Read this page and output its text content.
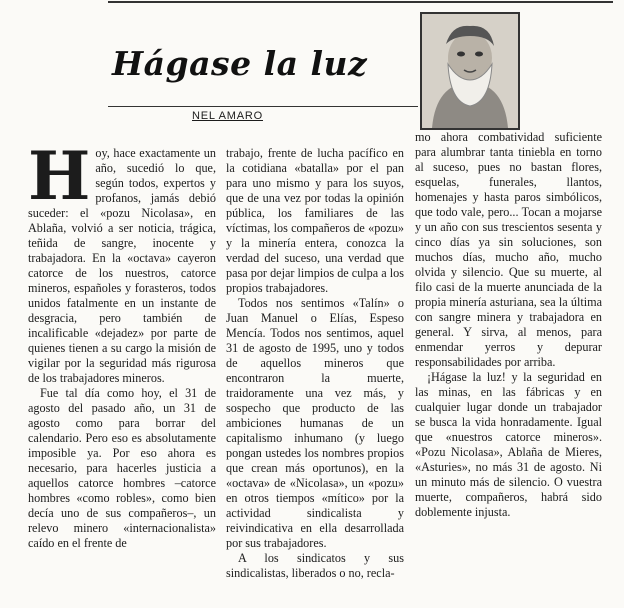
Hágase la luz
NEL AMARO

Hoy, hace exactamente un año, sucedió lo que, según todos, expertos y profanos, jamás debió suceder: el «pozu Nicolasa», en Ablaña, volvió a ser noticia, trágica, teñida de sangre, inocente y trabajadora. En la «octava» cayeron catorce de los nuestros, catorce mineros, españoles y forasteros, todos unidos fatalmente en un instante de desgracia, pero también de incalificable «dejadez» por parte de quienes tienen a su cargo la misión de vigilar por la seguridad más rigurosa de los trabajadores mineros.

Fue tal día como hoy, el 31 de agosto del pasado año, un 31 de agosto como para borrar del calendario. Pero eso es absolutamente imposible ya. Por eso ahora es necesario, para hacerles justicia a aquellos catorce hombres –catorce hombres «como robles», como bien decía uno de sus compañeros–, un relevo minero «internacionalista» caído en el frente de

trabajo, frente de lucha pacífico en la cotidiana «batalla» por el pan para uno mismo y para los suyos, que de una vez por todas la opinión pública, los familiares de las víctimas, los compañeros de «pozu» y la minería entera, conozca la verdad del suceso, una verdad que pasa por dejar limpios de culpa a los propios trabajadores.

Todos nos sentimos «Talín» o Juan Manuel o Elías, Espeso Mencía. Todos nos sentimos, aquel 31 de agosto de 1995, uno y todos de aquellos mineros que encontraron la muerte, traidoramente una vez más, y sospecho que producto de las ambiciones humanas de un capitalismo inhumano (y luego pongan ustedes los nombres propios que crean más oportunos), en la «octava» de «Nicolasa», un «pozu» en otros tiempos «mítico» por la actividad sindicalista y reivindicativa en ella desarrollada por sus trabajadores.

A los sindicatos y sus sindicalistas, liberados o no, recla-

mo ahora combatividad suficiente para alumbrar tanta tiniebla en torno al suceso, pues no bastan flores, esquelas, funerales, llantos, homenajes y hasta paros simbólicos, que todo vale, pero... Tocan a mojarse y un año con sus trescientos sesenta y cinco días ya sin soluciones, son muchos días, mucho año, mucho olvida y silencio. Que su muerte, al filo casi de la muerte anunciada de la propia minería asturiana, sea la última con sangre minera y trabajadora en general. Y sirva, al menos, para enmendar yerros y depurar responsabilidades por arriba.

¡Hágase la luz! y la seguridad en las minas, en las fábricas y en cualquier lugar donde un trabajador se busca la vida honradamente. Igual que «nuestros catorce mineros». «Pozu Nicolasa», Ablaña de Mieres, «Asturies», no más 31 de agosto. Ni un minuto más de silencio. O vuestra muerte, compañeros, habrá sido doblemente injusta.
